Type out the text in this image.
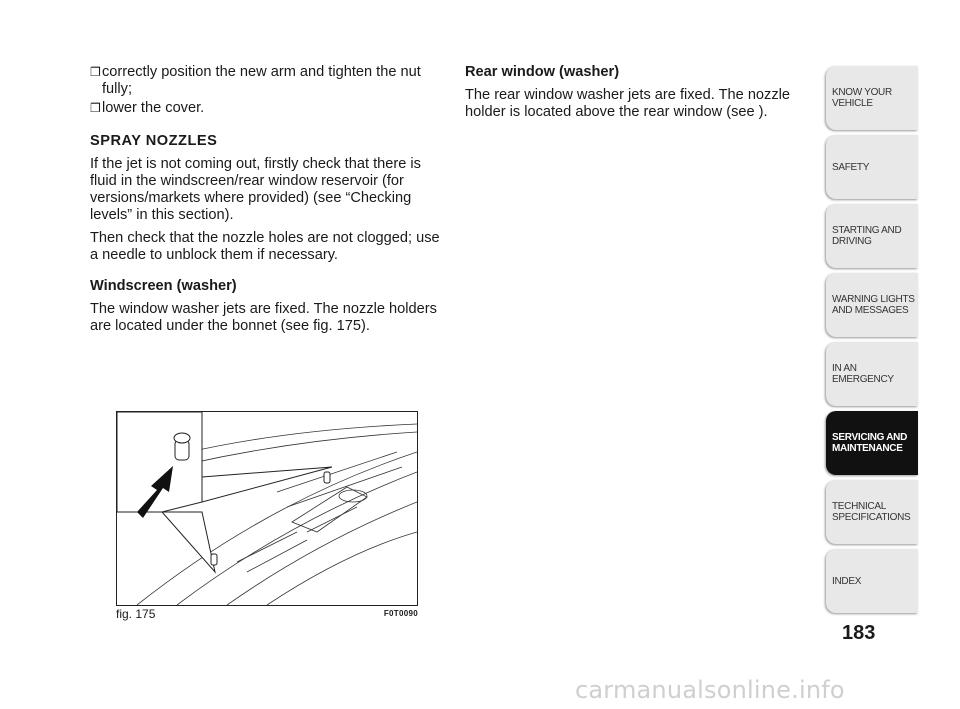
❒ correctly position the new arm and tighten the nut fully;
❒ lower the cover.
SPRAY NOZZLES

If the jet is not coming out, firstly check that there is fluid in the windscreen/rear window reservoir (for versions/markets where provided) (see “Checking levels” in this section).

Then check that the nozzle holes are not clogged; use a needle to unblock them if necessary.

Windscreen (washer)

The window washer jets are fixed. The nozzle holders are located under the bonnet (see fig. 175).

Rear window (washer)

The rear window washer jets are fixed. The nozzle holder is located above the rear window (see ).

fig. 175	F0T0090
KNOW YOUR VEHICLE
SAFETY
STARTING AND DRIVING
WARNING LIGHTS AND MESSAGES
IN AN EMERGENCY
SERVICING AND MAINTENANCE
TECHNICAL SPECIFICATIONS
INDEX
183
carmanualsonline.info
